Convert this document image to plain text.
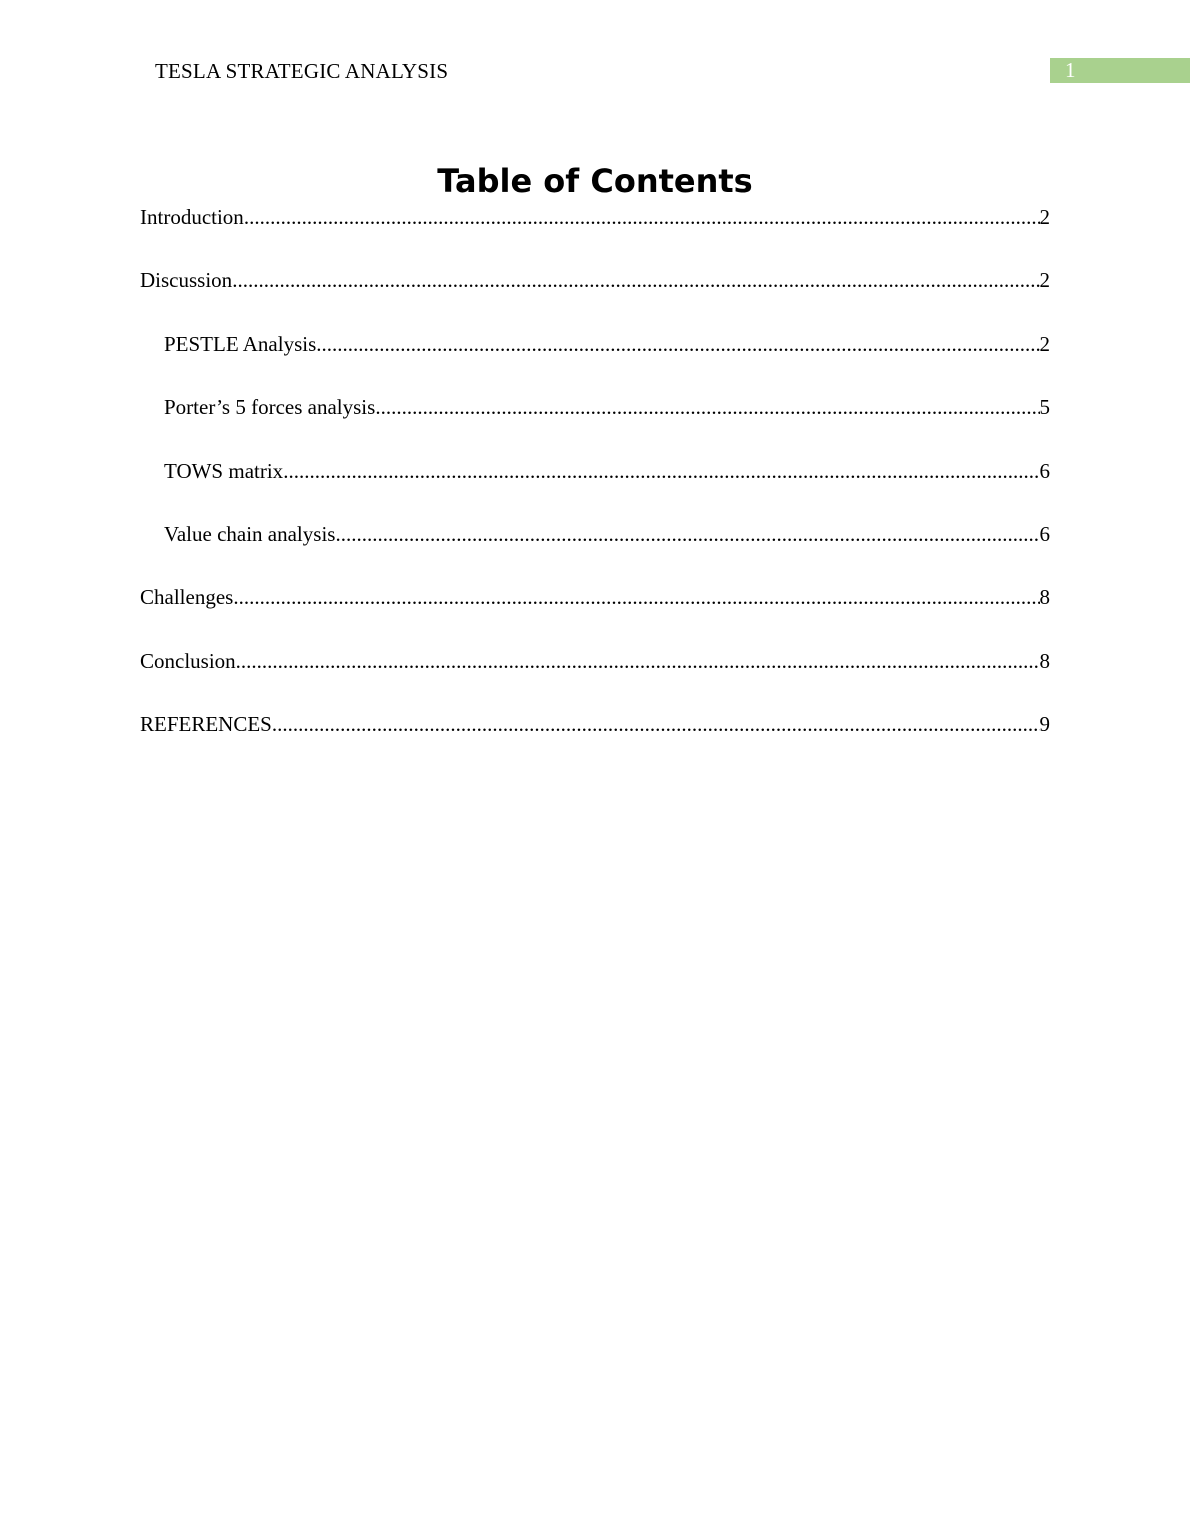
TESLA STRATEGIC ANALYSIS	1
Table of Contents
Introduction .....	2
Discussion .....	2
PESTLE Analysis .....	2
Porter’s 5 forces analysis .....	5
TOWS matrix .....	6
Value chain analysis .....	6
Challenges .....	8
Conclusion .....	8
REFERENCES .....	9
